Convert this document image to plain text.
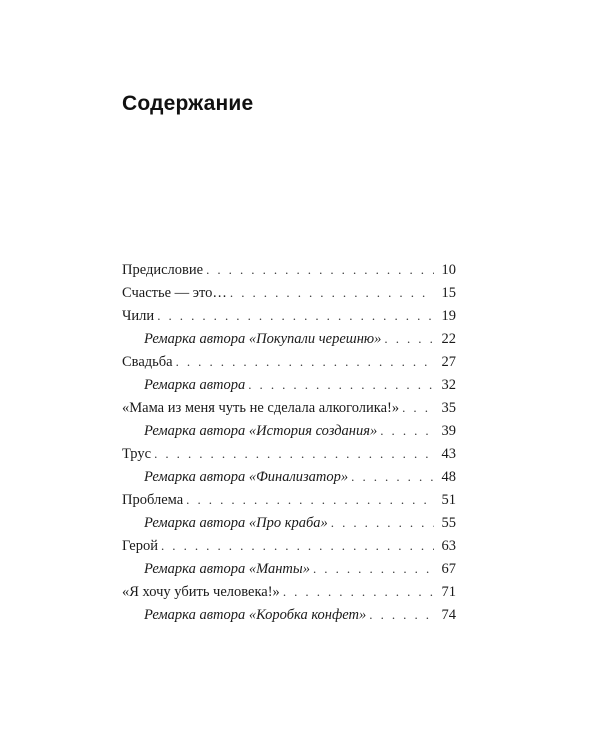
Содержание
Предисловие . . .	10
Счастье — это… . . .	15
Чили . . .	19
Ремарка автора «Покупали черешню» . . .	22
Свадьба . . .	27
Ремарка автора . . .	32
«Мама из меня чуть не сделала алкоголика!» . . .	35
Ремарка автора «История создания» . . .	39
Трус . . .	43
Ремарка автора «Финализатор» . . .	48
Проблема . . .	51
Ремарка автора «Про краба» . . .	55
Герой . . .	63
Ремарка автора «Манты» . . .	67
«Я хочу убить человека!» . . .	71
Ремарка автора «Коробка конфет» . . .	74
